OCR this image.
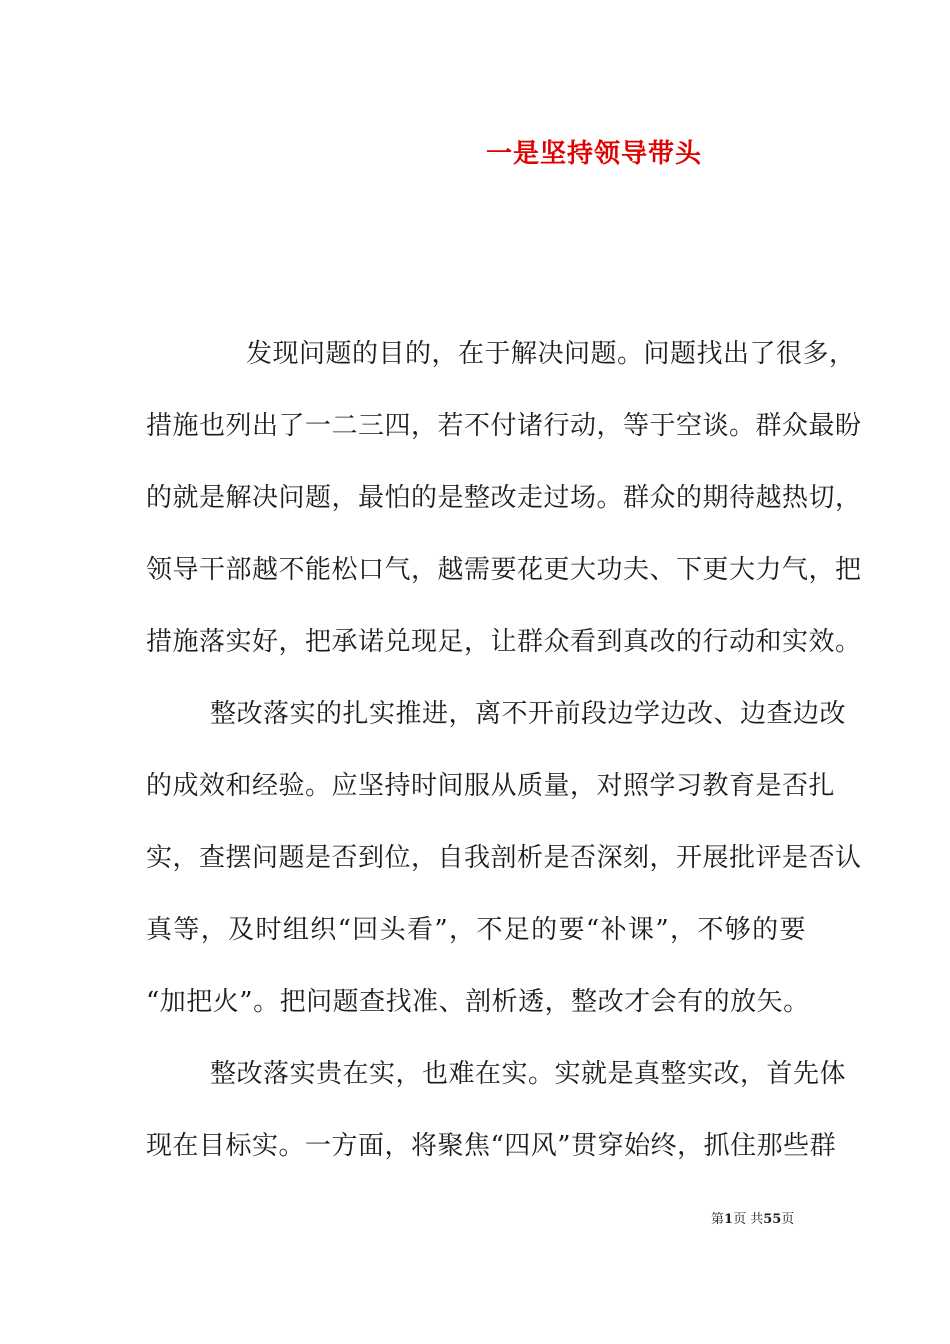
一是坚持领导带头
发现问题的目的，在于解决问题。问题找出了很多，
措施也列出了一二三四，若不付诸行动，等于空谈。群众最盼
的就是解决问题，最怕的是整改走过场。群众的期待越热切，
领导干部越不能松口气，越需要花更大功夫、下更大力气，把
措施落实好，把承诺兑现足，让群众看到真改的行动和实效。
整改落实的扎实推进，离不开前段边学边改、边查边改
的成效和经验。应坚持时间服从质量，对照学习教育是否扎
实，查摆问题是否到位，自我剖析是否深刻，开展批评是否认
真等，及时组织“回头看”，不足的要“补课”，不够的要
“加把火”。把问题查找准、剖析透，整改才会有的放矢。
整改落实贵在实，也难在实。实就是真整实改，首先体
现在目标实。一方面，将聚焦“四风”贯穿始终，抓住那些群
第1页 共55页
